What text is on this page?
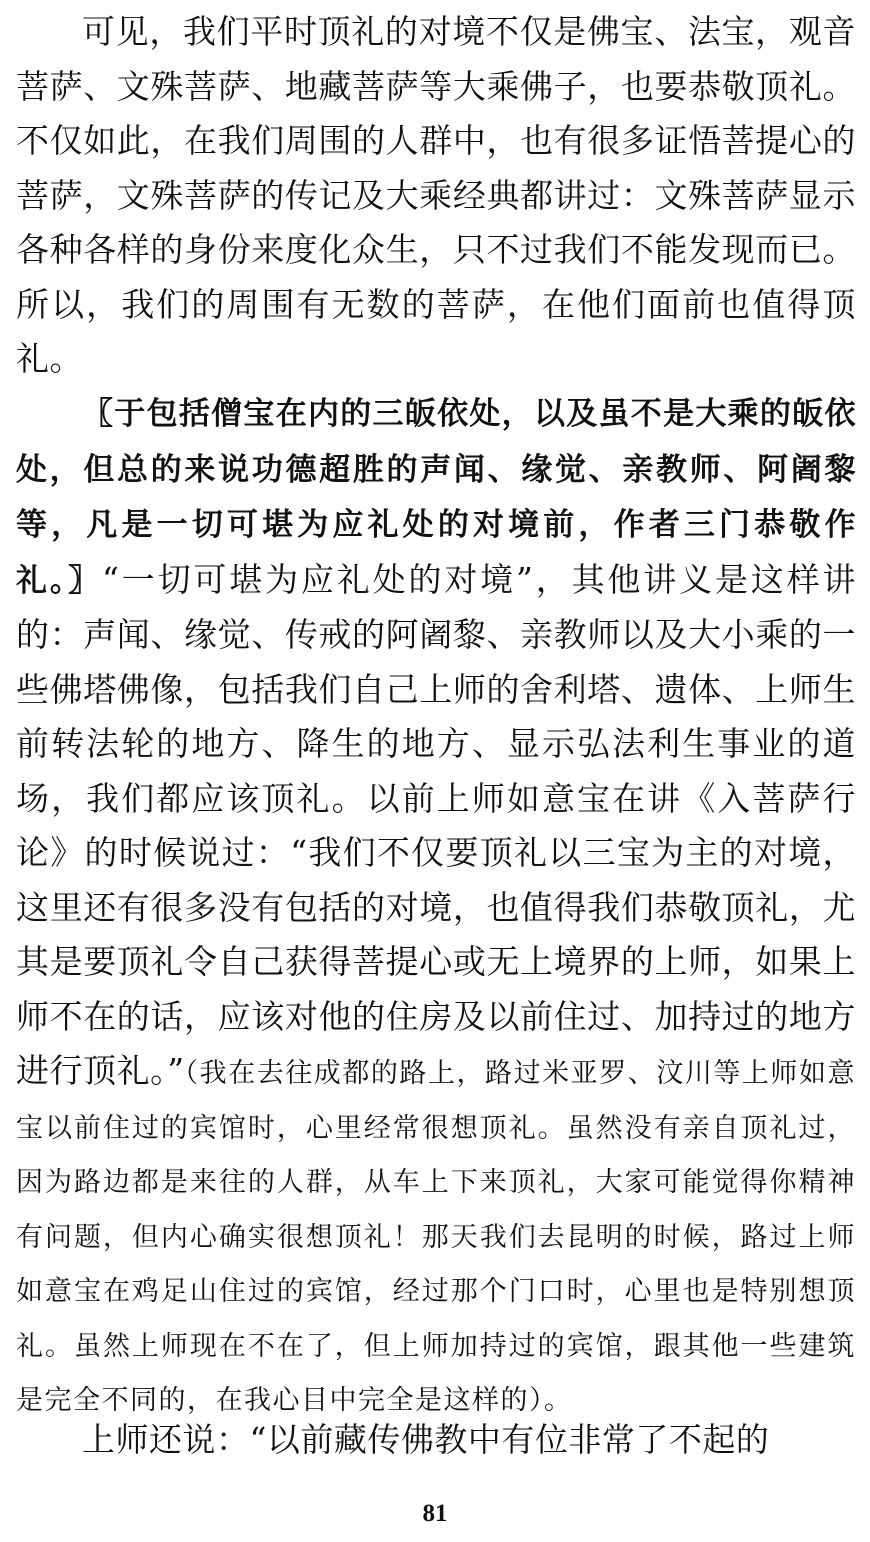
可见，我们平时顶礼的对境不仅是佛宝、法宝，观音菩萨、文殊菩萨、地藏菩萨等大乘佛子，也要恭敬顶礼。不仅如此，在我们周围的人群中，也有很多证悟菩提心的菩萨，文殊菩萨的传记及大乘经典都讲过：文殊菩萨显示各种各样的身份来度化众生，只不过我们不能发现而已。所以，我们的周围有无数的菩萨，在他们面前也值得顶礼。

〖于包括僧宝在内的三皈依处，以及虽不是大乘的皈依处，但总的来说功德超胜的声闻、缘觉、亲教师、阿阇黎等，凡是一切可堪为应礼处的对境前，作者三门恭敬作礼。〗“一切可堪为应礼处的对境”，其他讲义是这样讲的：声闻、缘觉、传戒的阿阇黎、亲教师以及大小乘的一些佛塔佛像，包括我们自己上师的舍利塔、遗体、上师生前转法轮的地方、降生的地方、显示弘法利生事业的道场，我们都应该顶礼。以前上师如意宝在讲《入菩萨行论》的时候说过：“我们不仅要顶礼以三宝为主的对境，这里还有很多没有包括的对境，也值得我们恭敬顶礼，尤其是要顶礼令自己获得菩提心或无上境界的上师，如果上师不在的话，应该对他的住房及以前住过、加持过的地方进行顶礼。”（我在去往成都的路上，路过米亚罗、汶川等上师如意宝以前住过的宾馆时，心里经常很想顶礼。虽然没有亲自顶礼过，因为路边都是来往的人群，从车上下来顶礼，大家可能觉得你精神有问题，但内心确实很想顶礼！那天我们去昆明的时候，路过上师如意宝在鸡足山住过的宾馆，经过那个门口时，心里也是特别想顶礼。虽然上师现在不在了，但上师加持过的宾馆，跟其他一些建筑是完全不同的，在我心目中完全是这样的）。

上师还说：“以前藏传佛教中有位非常了不起的

81
